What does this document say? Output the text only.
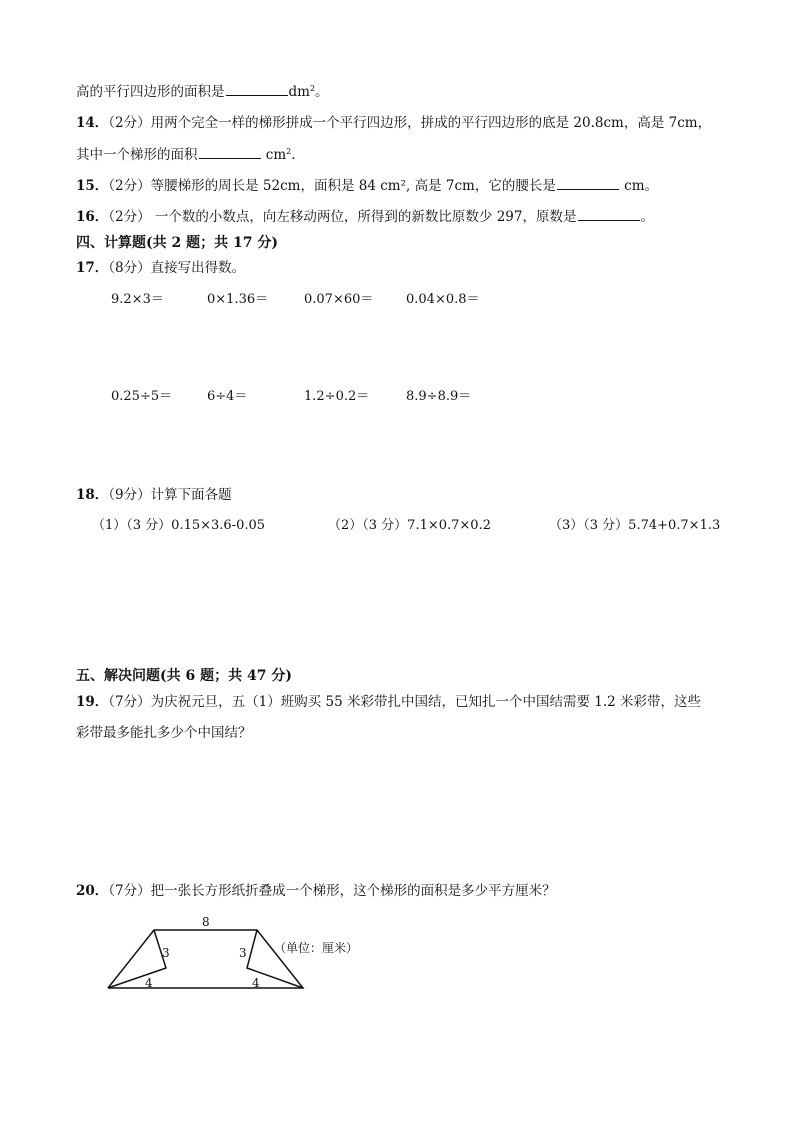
高的平行四边形的面积是	$dm^2$。
14．（2分）用两个完全一样的梯形拼成一个平行四边形，拼成的平行四边形的底是 20.8cm，高是 7cm，
其中一个梯形的面积	$cm^2$.
15．（2分）等腰梯形的周长是 52cm，面积是 84 cm², 高是 7cm，它的腰长是	cm。
16．（2分） 一个数的小数点，向左移动两位，所得到的新数比原数少 297，原数是	。
四、计算题(共 2 题；共 17 分)
17．（8分）直接写出得数。
9.2×3＝	0×1.36＝	0.07×60＝	0.04×0.8＝
0.25÷5＝	6÷4＝	1.2÷0.2＝	8.9÷8.9＝
18．（9分）计算下面各题
（1）（3 分）0.15×3.6-0.05	（2）（3 分）7.1×0.7×0.2	（3）（3 分）5.74+0.7×1.3
五、解决问题(共 6 题；共 47 分)
19．（7分）为庆祝元旦，五（1）班购买 55 米彩带扎中国结，已知扎一个中国结需要 1.2 米彩带，这些
彩带最多能扎多少个中国结？
20．（7分）把一张长方形纸折叠成一个梯形，这个梯形的面积是多少平方厘米？
8
3	3
4	4
（单位：厘米）
